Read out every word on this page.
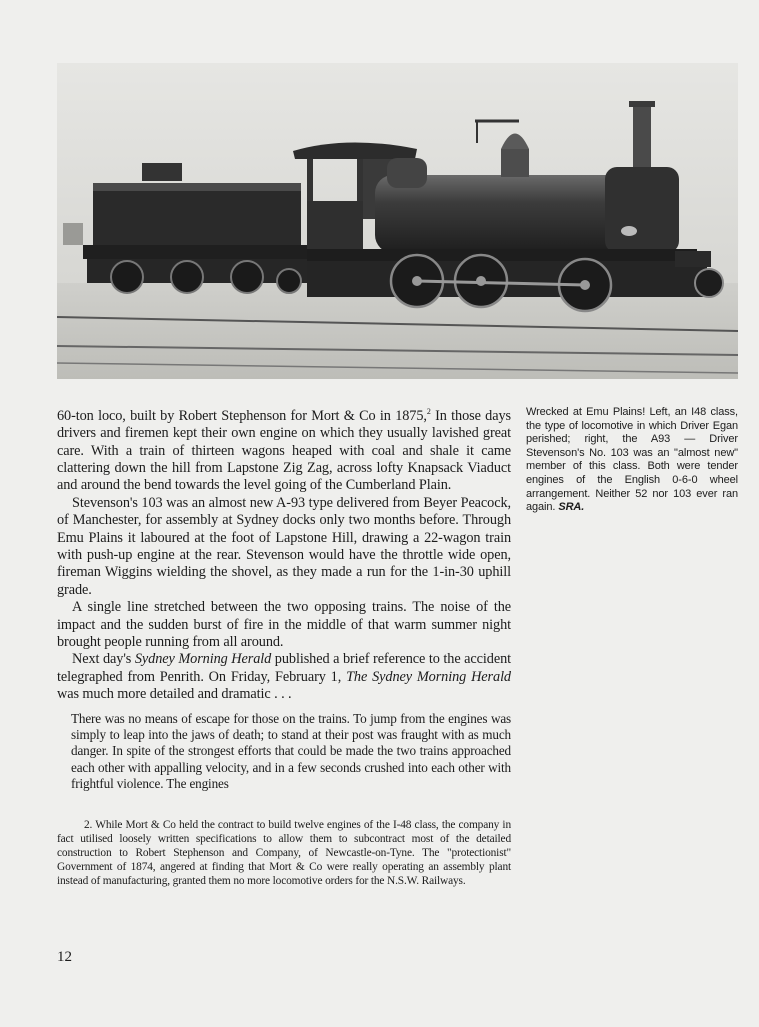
60-ton loco, built by Robert Stephenson for Mort & Co in 1875,$^2$ In those days drivers and firemen kept their own engine on which they usually lavished great care. With a train of thirteen wagons heaped with coal and shale it came clattering down the hill from Lapstone Zig Zag, across lofty Knapsack Viaduct and around the bend towards the level going of the Cumberland Plain.

Stevenson's 103 was an almost new A-93 type delivered from Beyer Peacock, of Manchester, for assembly at Sydney docks only two months before. Through Emu Plains it laboured at the foot of Lapstone Hill, drawing a 22-wagon train with push-up engine at the rear. Stevenson would have the throttle wide open, fireman Wiggins wielding the shovel, as they made a run for the 1-in-30 uphill grade.

A single line stretched between the two opposing trains. The noise of the impact and the sudden burst of fire in the middle of that warm summer night brought people running from all around.

Next day's Sydney Morning Herald published a brief reference to the accident telegraphed from Penrith. On Friday, February 1, The Sydney Morning Herald was much more detailed and dramatic . . .

There was no means of escape for those on the trains. To jump from the engines was simply to leap into the jaws of death; to stand at their post was fraught with as much danger. In spite of the strongest efforts that could be made the two trains approached each other with appalling velocity, and in a few seconds crushed into each other with frightful violence. The engines

Wrecked at Emu Plains! Left, an I48 class, the type of locomotive in which Driver Egan perished; right, the A93 — Driver Stevenson's No. 103 was an "almost new" member of this class. Both were tender engines of the English 0-6-0 wheel arrangement. Neither 52 nor 103 ever ran again. SRA.

2. While Mort & Co held the contract to build twelve engines of the I-48 class, the company in fact utilised loosely written specifications to allow them to subcontract most of the detailed construction to Robert Stephenson and Company, of Newcastle-on-Tyne. The "protectionist" Government of 1874, angered at finding that Mort & Co were really operating an assembly plant instead of manufacturing, granted them no more locomotive orders for the N.S.W. Railways.

12
